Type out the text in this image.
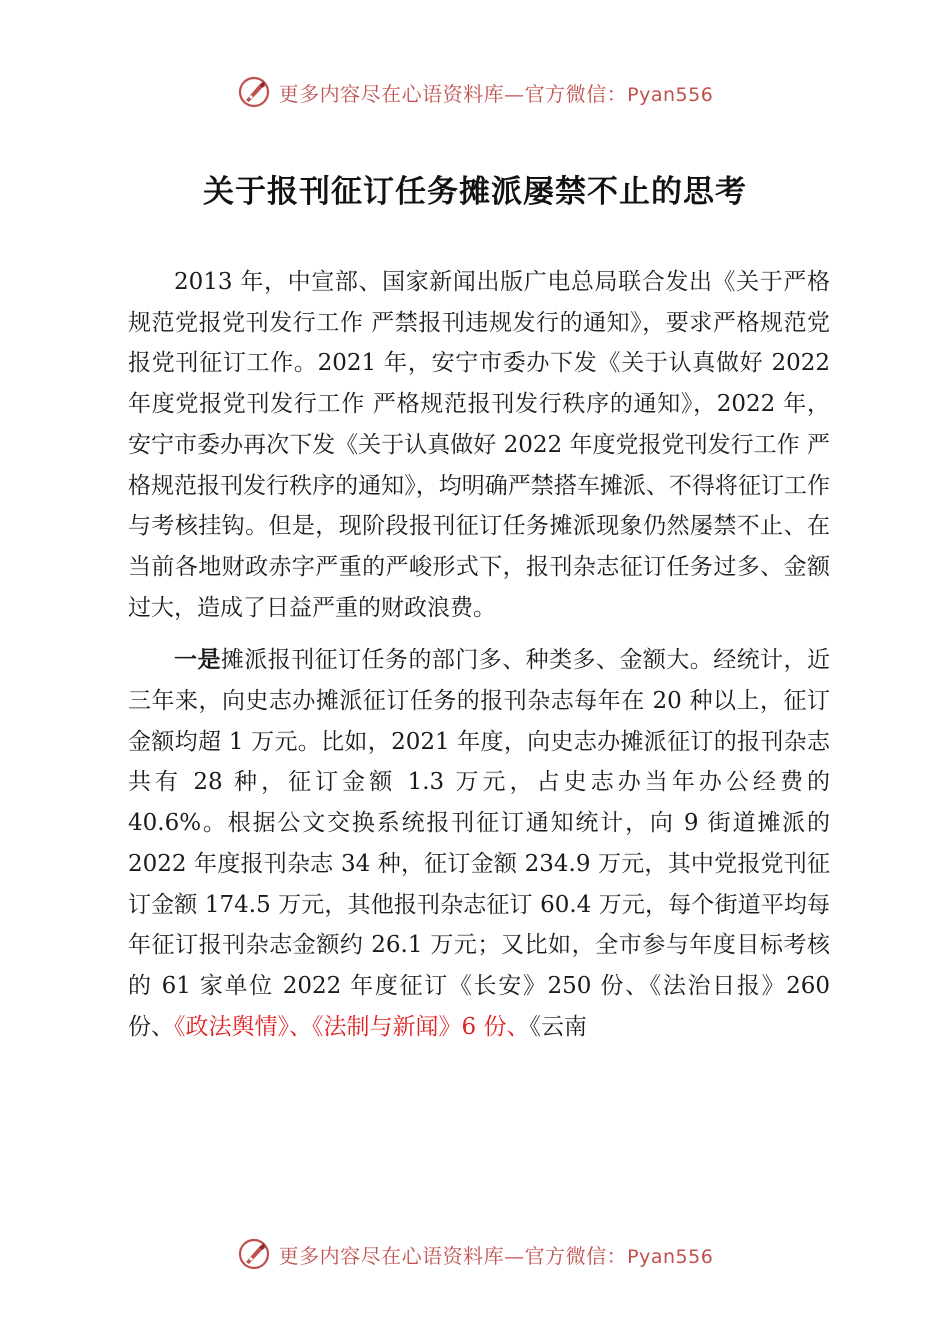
更多内容尽在心语资料库—官方微信：Pyan556
关于报刊征订任务摊派屡禁不止的思考

2013 年，中宣部、国家新闻出版广电总局联合发出《关于严格规范党报党刊发行工作 严禁报刊违规发行的通知》，要求严格规范党报党刊征订工作。2021 年，安宁市委办下发《关于认真做好 2022 年度党报党刊发行工作 严格规范报刊发行秩序的通知》，2022 年，安宁市委办再次下发《关于认真做好 2022 年度党报党刊发行工作 严格规范报刊发行秩序的通知》，均明确严禁搭车摊派、不得将征订工作与考核挂钩。但是，现阶段报刊征订任务摊派现象仍然屡禁不止、在当前各地财政赤字严重的严峻形式下，报刊杂志征订任务过多、金额过大，造成了日益严重的财政浪费。

一是摊派报刊征订任务的部门多、种类多、金额大。经统计，近三年来，向史志办摊派征订任务的报刊杂志每年在 20 种以上，征订金额均超 1 万元。比如，2021 年度，向史志办摊派征订的报刊杂志共有 28 种，征订金额 1.3 万元，占史志办当年办公经费的 40.6%。根据公文交换系统报刊征订通知统计，向 9 街道摊派的 2022 年度报刊杂志 34 种，征订金额 234.9 万元，其中党报党刊征订金额 174.5 万元，其他报刊杂志征订 60.4 万元，每个街道平均每年征订报刊杂志金额约 26.1 万元；又比如，全市参与年度目标考核的 61 家单位 2022 年度征订《长安》250 份、《法治日报》260 份、《政法舆情》、《法制与新闻》6 份、《云南

更多内容尽在心语资料库—官方微信：Pyan556
